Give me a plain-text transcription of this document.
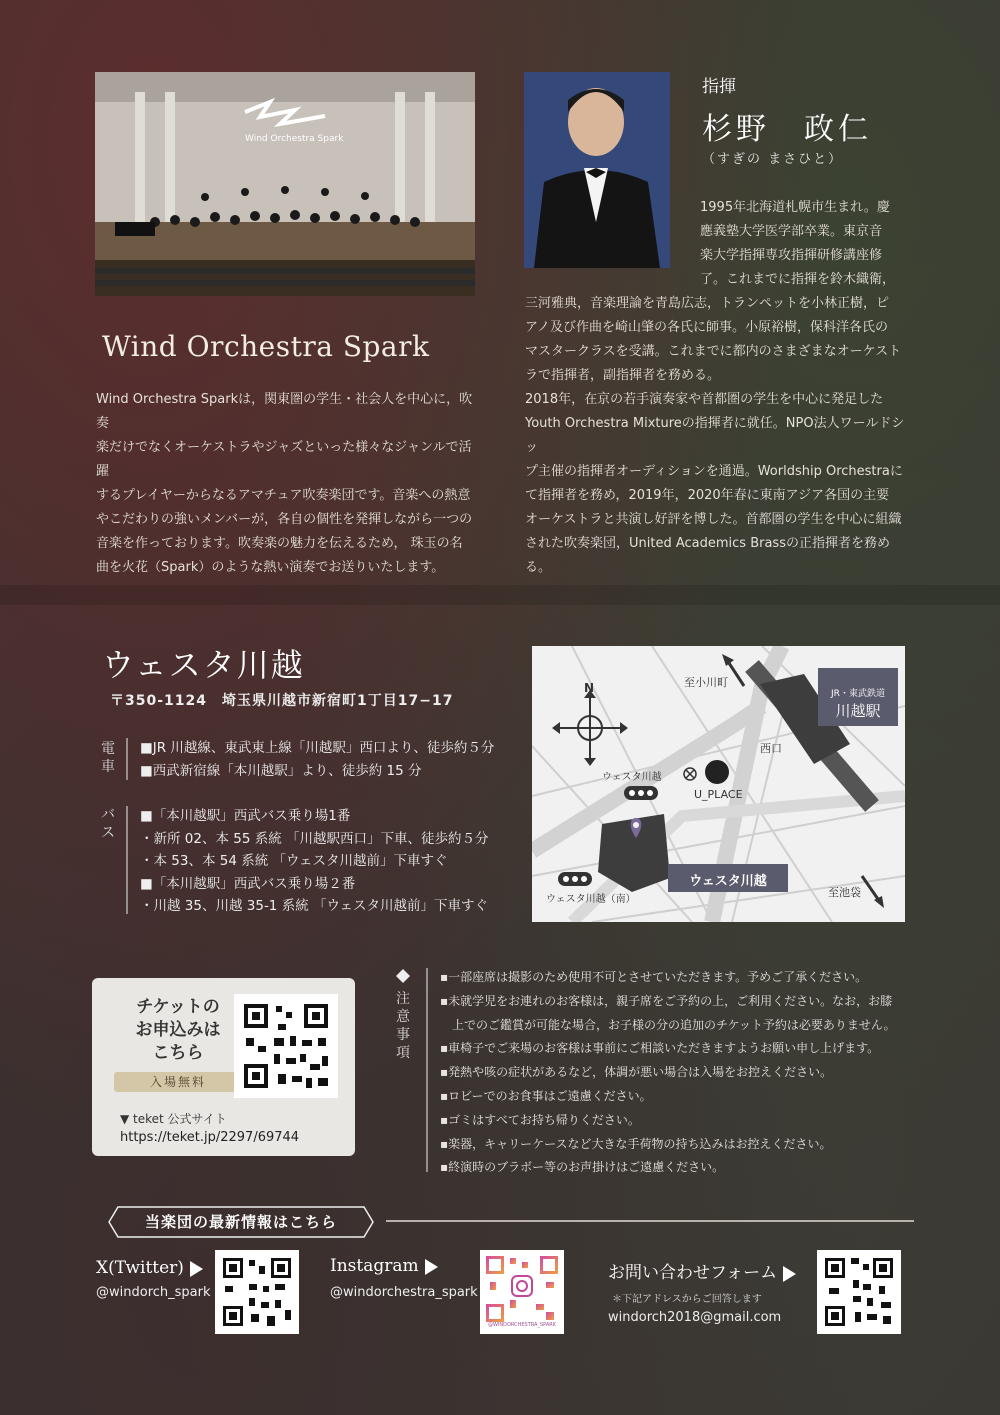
Wind Orchestra Spark
Wind Orchestra Spark
Wind Orchestra Sparkは，関東圏の学生・社会人を中心に，吹奏
楽だけでなくオーケストラやジャズといった様々なジャンルで活躍
するプレイヤーからなるアマチュア吹奏楽団です。音楽への熱意
やこだわりの強いメンバーが，各自の個性を発揮しながら一つの
音楽を作っております。吹奏楽の魅力を伝えるため， 珠玉の名
曲を火花（Spark）のような熱い演奏でお送りいたします。
指揮
杉野　政仁
（すぎの まさひと）
1995年北海道札幌市生まれ。慶
應義塾大学医学部卒業。東京音
楽大学指揮専攻指揮研修講座修
了。これまでに指揮を鈴木織衛，
三河雅典，音楽理論を青島広志，トランペットを小林正樹，ピ
アノ及び作曲を崎山肇の各氏に師事。小原裕樹，保科洋各氏の
マスタークラスを受講。これまでに都内のさまざまなオーケスト
ラで指揮者，副指揮者を務める。
2018年，在京の若手演奏家や首都圏の学生を中心に発足した
Youth Orchestra Mixtureの指揮者に就任。NPO法人ワールドシッ
プ主催の指揮者オーディションを通過。Worldship Orchestraに
て指揮者を務め，2019年，2020年春に東南アジア各国の主要
オーケストラと共演し好評を博した。首都圏の学生を中心に組織
された吹奏楽団，United Academics Brassの正指揮者を務める。
ウェスタ川越
〒350-1124　埼玉県川越市新宿町1丁目17−17
電
車
■JR 川越線、東武東上線「川越駅」西口より、徒歩約５分
■西武新宿線「本川越駅」より、徒歩約 15 分
バ
ス
■「本川越駅」西武バス乗り場1番
・新所 02、本 55 系統 「川越駅西口」下車、徒歩約５分
・本 53、本 54 系統 「ウェスタ川越前」下車すぐ
■「本川越駅」西武バス乗り場２番
・川越 35、川越 35-1 系統 「ウェスタ川越前」下車すぐ
N	至小川町
JR・東武鉄道
川越駅
西口
ウェスタ川越
U_PLACE
ウェスタ川越
ウェスタ川越（南）
至池袋
チケットの
お申込みは
こちら
入場無料
▼ teket 公式サイト
https://teket.jp/2297/69744
注
意
事
項
▪一部座席は撮影のため使用不可とさせていただきます。予めご了承ください。
▪未就学児をお連れのお客様は，親子席をご予約の上，ご利用ください。なお，お膝
　上でのご鑑賞が可能な場合，お子様の分の追加のチケット予約は必要ありません。
▪車椅子でご来場のお客様は事前にご相談いただきますようお願い申し上げます。
▪発熱や咳の症状があるなど，体調が悪い場合は入場をお控えください。
▪ロビーでのお食事はご遠慮ください。
▪ゴミはすべてお持ち帰りください。
▪楽器，キャリーケースなど大きな手荷物の持ち込みはお控えください。
▪終演時のブラボー等のお声掛けはご遠慮ください。
当楽団の最新情報はこちら
X(Twitter)
@windorch_spark
Instagram
@windorchestra_spark
@WINDORCHESTRA_SPARK
お問い合わせフォーム
＊下記アドレスからご回答します
windorch2018@gmail.com
